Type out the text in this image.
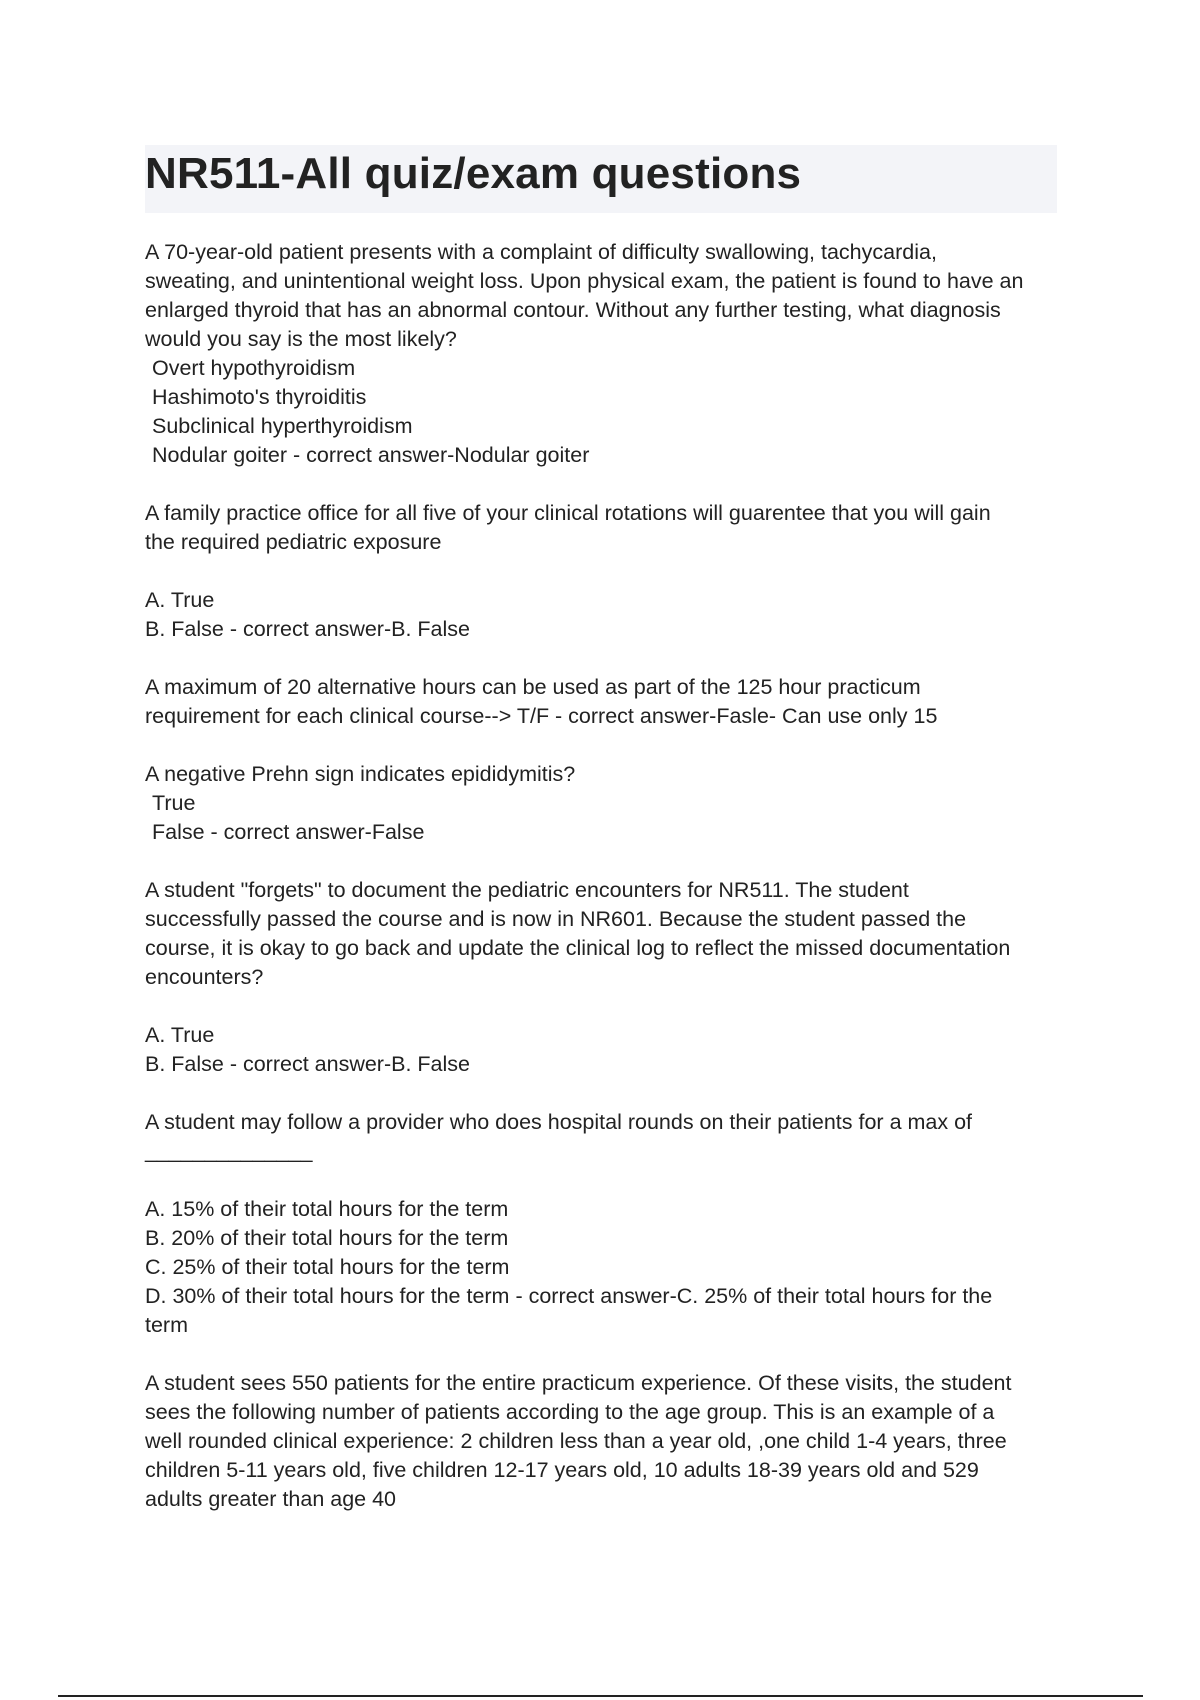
NR511-All quiz/exam questions
A 70-year-old patient presents with a complaint of difficulty swallowing, tachycardia,
sweating, and unintentional weight loss. Upon physical exam, the patient is found to have an
enlarged thyroid that has an abnormal contour. Without any further testing, what diagnosis
would you say is the most likely?
Overt hypothyroidism
Hashimoto's thyroiditis
Subclinical hyperthyroidism
Nodular goiter - correct answer-Nodular goiter
A family practice office for all five of your clinical rotations will guarentee that you will gain
the required pediatric exposure
A. True
B. False - correct answer-B. False
A maximum of 20 alternative hours can be used as part of the 125 hour practicum
requirement for each clinical course--> T/F - correct answer-Fasle- Can use only 15
A negative Prehn sign indicates epididymitis?
True
False - correct answer-False
A student "forgets" to document the pediatric encounters for NR511. The student
successfully passed the course and is now in NR601. Because the student passed the
course, it is okay to go back and update the clinical log to reflect the missed documentation
encounters?
A. True
B. False - correct answer-B. False
A student may follow a provider who does hospital rounds on their patients for a max of
______________
A. 15% of their total hours for the term
B. 20% of their total hours for the term
C. 25% of their total hours for the term
D. 30% of their total hours for the term - correct answer-C. 25% of their total hours for the
term
A student sees 550 patients for the entire practicum experience. Of these visits, the student
sees the following number of patients according to the age group. This is an example of a
well rounded clinical experience: 2 children less than a year old, ,one child 1-4 years, three
children 5-11 years old, five children 12-17 years old, 10 adults 18-39 years old and 529
adults greater than age 40
